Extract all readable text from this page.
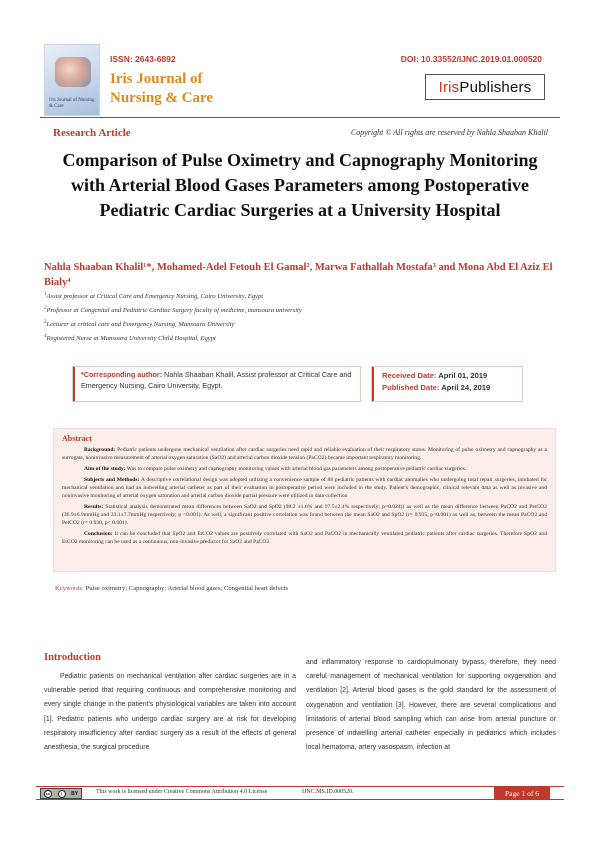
Iris Journal of Nursing & Care
ISSN: 2643-6892
Iris Journal of
Nursing & Care
DOI: 10.33552/IJNC.2019.01.000520
Iris Publishers
Research Article	Copyright © All rights are reserved by Nahla Shaaban Khalil
Comparison of Pulse Oximetry and Capnography Monitoring with Arterial Blood Gases Parameters among Postoperative Pediatric Cardiac Surgeries at a University Hospital
Nahla Shaaban Khalil¹*, Mohamed-Adel Fetouh El Gamal², Marwa Fathallah Mostafa³ and Mona Abd El Aziz El Bialy⁴
$^1$Assist professor at Critical Care and Emergency Nursing, Cairo University, Egypt
$^2$Professor at Congenital and Pediatric Cardiac Surgery faculty of medicine, mansoura university
$^3$Lecturer at critical care and Emergency Nursing, Mansoura University
$^4$Registered Nurse at Mansoura University Child Hospital, Egypt
*Corresponding author: Nahla Shaaban Khalil, Assist professor at Critical Care and Emergency Nursing, Cairo University, Egypt.
Received Date: April 01, 2019
Published Date: April 24, 2019
Abstract

Background: Pediatric patients undergone mechanical ventilation after cardiac surgeries need rapid and reliable evaluation of their respiratory status. Monitoring of pulse oximetry and capnography as a surrogate, noninvasive measurement of arterial oxygen saturation (SaO2) and arterial carbon dioxide tension (PaCO2) became important respiratory monitoring.

Aim of the study: Was to compare pulse oximetry and capnography monitoring values with arterial blood gas parameters among postoperative pediatric cardiac surgeries.

Subjects and Methods: A descriptive correlational design was adopted utilizing a convenience sample of 88 pediatric patients with cardiac anomalies who undergoing total repair surgeries, intubated for mechanical ventilation and had an indwelling arterial catheter as part of their evaluation in postoperative period were included in the study. Patient's demographic, clinical relevant data as well as invasive and noninvasive monitoring of arterial oxygen saturation and arterial carbon dioxide partial pressure were utilized in data collection

Results: Statistical analysis demonstrated mean differences between SaO2 and SpO2 (98.2 ±1.6% and 97.5±2.4% respectively; p=0.024)) as well as the mean difference between PaCO2 and PetCO2 (36.9±6.9mmHg and 33.1±7.7mmHg respectively; p <0.001). As well, a significant positive correlation was found between the mean SaO2 and SpO2 (r= 0.935, p<0.001) as well as, between the mean PaCO2 and PetCO2 (r= 0.930, p< 0.001).

Conclusion: It can be concluded that SpO2 and EtCO2 values are positively correlated with SaO2 and PaCO2 in mechanically ventilated pediatric patients after cardiac surgeries. Therefore SpO2 and EtCO2 monitoring can be used as a continuous, non-invasive predictor for SaO2 and PaCO2.

Keywords: Pulse oximetry; Capnography; Arterial blood gases; Congenital heart defects
Introduction
Pediatric patients on mechanical ventilation after cardiac surgeries are in a vulnerable period that requiring continuous and comprehensive monitoring and every single change in the patient's physiological variables are taken into account [1]. Pediatric patients who undergo cardiac surgery are at risk for developing respiratory insufficiency after cardiac surgery as a result of the effects of general anesthesia, the surgical procedure
and inflammatory response to cardiopulmonary bypass, therefore, they need careful management of mechanical ventilation for supporting oxygenation and ventilation [2]. Arterial blood gases is the gold standard for the assessment of oxygenation and ventilation [3]. However, there are several complications and limitations of arterial blood sampling which can arise from arterial puncture or presence of indwelling arterial catheter especially in pediatrics which includes local hematoma, artery vasospasm, infection at
cc	i	BY	This work is licensed under Creative Commons Attribution 4.0 License	IJNC.MS.ID.000520.	Page 1 of 6
